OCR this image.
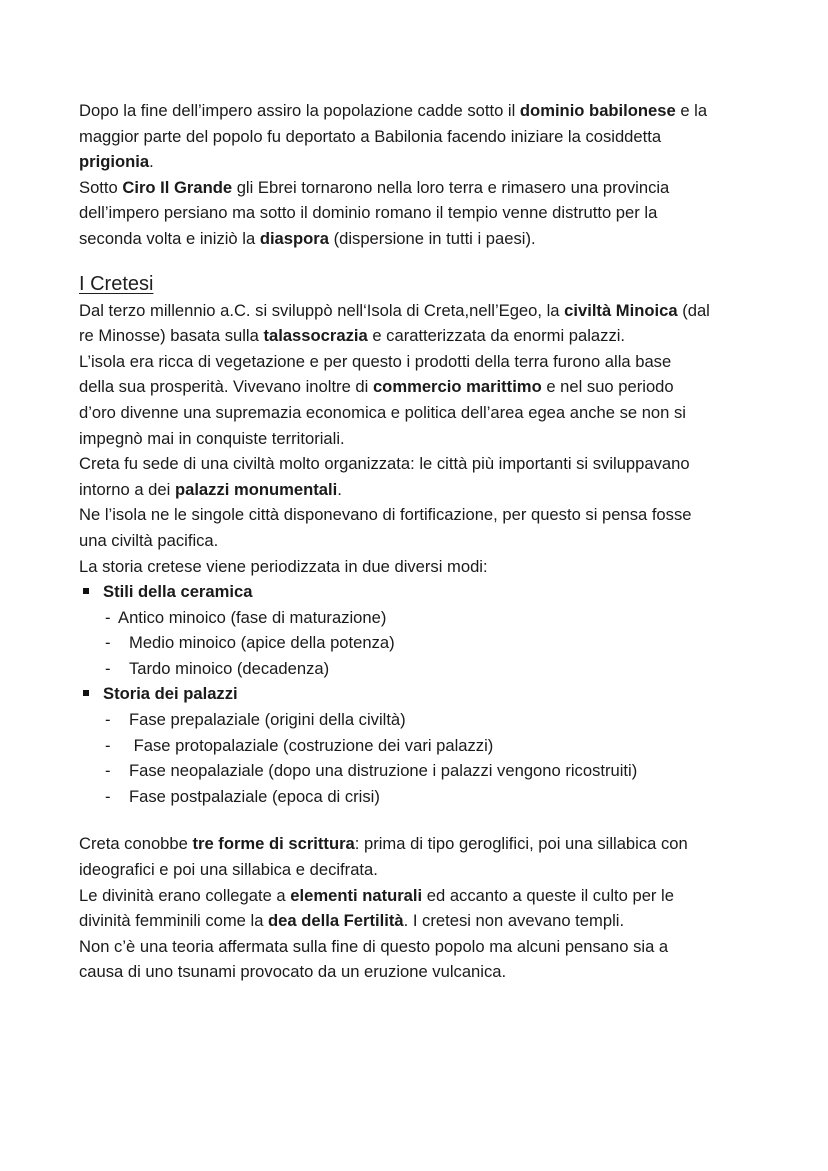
Dopo la fine dell’impero assiro la popolazione cadde sotto il dominio babilonese e la

maggior parte del popolo fu deportato a Babilonia facendo iniziare la cosiddetta

prigionia.

Sotto Ciro Il Grande gli Ebrei tornarono nella loro terra e rimasero una provincia

dell’impero persiano ma sotto il dominio romano il tempio venne distrutto per la

seconda volta e iniziò la diaspora (dispersione in tutti i paesi).

I Cretesi

Dal terzo millennio a.C. si sviluppò nell‘Isola di Creta,nell’Egeo, la civiltà Minoica (dal

re Minosse) basata sulla talassocrazia e caratterizzata da enormi palazzi.

L’isola era ricca di vegetazione e per questo i prodotti della terra furono alla base

della sua prosperità. Vivevano inoltre di commercio marittimo e nel suo periodo

d’oro divenne una supremazia economica e politica dell’area egea anche se non si

impegnò mai in conquiste territoriali.

Creta fu sede di una civiltà molto organizzata: le città più importanti si sviluppavano

intorno a dei palazzi monumentali.

Ne l’isola ne le singole città disponevano di fortificazione, per questo si pensa fosse

una civiltà pacifica.

La storia cretese viene periodizzata in due diversi modi:

Stili della ceramica
- Antico minoico (fase di maturazione)
- Medio minoico (apice della potenza)
- Tardo minoico (decadenza)
Storia dei palazzi
- Fase prepalaziale (origini della civiltà)
- Fase protopalaziale (costruzione dei vari palazzi)
- Fase neopalaziale (dopo una distruzione i palazzi vengono ricostruiti)
- Fase postpalaziale (epoca di crisi)

Creta conobbe tre forme di scrittura: prima di tipo geroglifici, poi una sillabica con

ideografici e poi una sillabica e decifrata.

Le divinità erano collegate a elementi naturali ed accanto a queste il culto per le

divinità femminili come la dea della Fertilità. I cretesi non avevano templi.

Non c’è una teoria affermata sulla fine di questo popolo ma alcuni pensano sia a

causa di uno tsunami provocato da un eruzione vulcanica.
